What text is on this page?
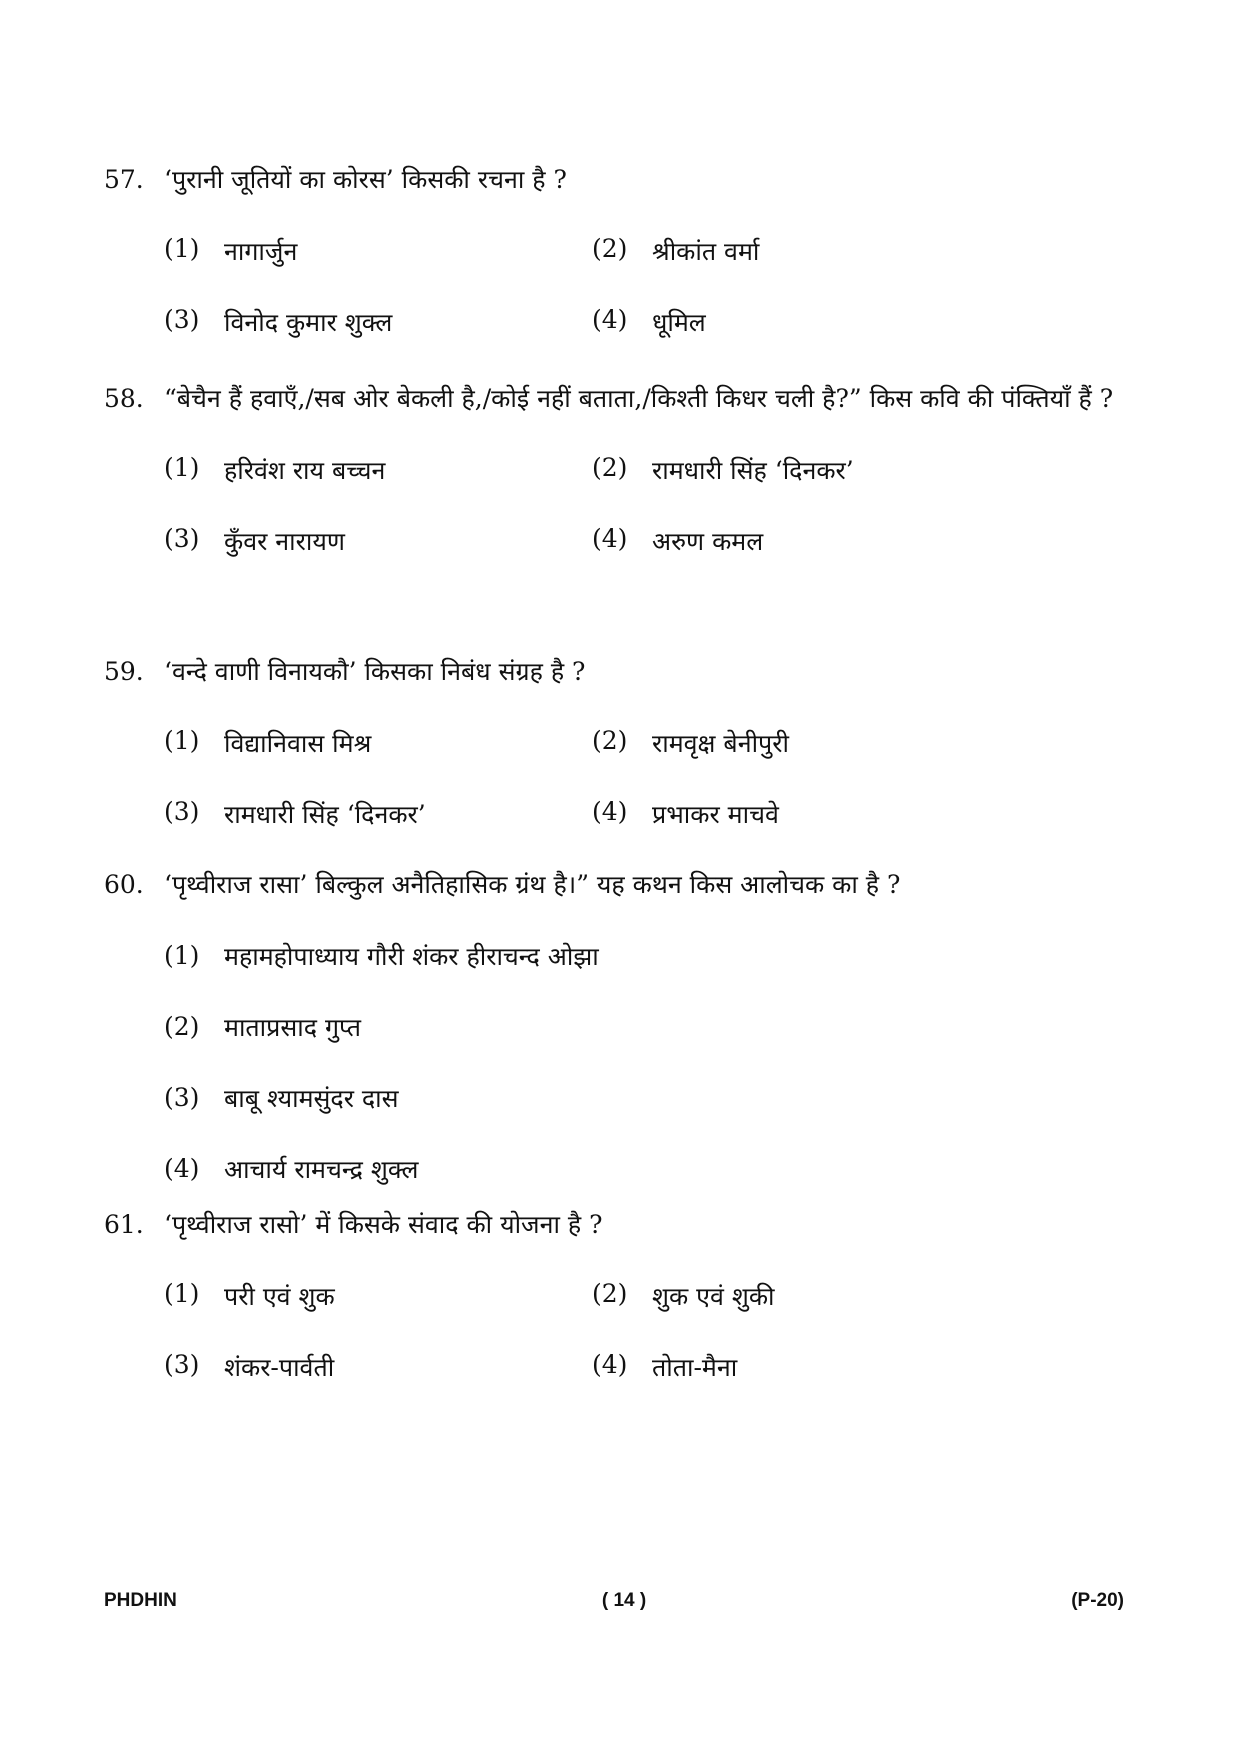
57. ‘पुरानी जूतियों का कोरस’ किसकी रचना है ?
(1) नागार्जुन	(2) श्रीकांत वर्मा
(3) विनोद कुमार शुक्ल	(4) धूमिल
58. “बेचैन हैं हवाएँ,/सब ओर बेकली है,/कोई नहीं बताता,/किश्ती किधर चली है?” किस कवि की पंक्तियाँ हैं ?
(1) हरिवंश राय बच्चन	(2) रामधारी सिंह ‘दिनकर’
(3) कुँवर नारायण	(4) अरुण कमल
59. ‘वन्दे वाणी विनायकौ’ किसका निबंध संग्रह है ?
(1) विद्यानिवास मिश्र	(2) रामवृक्ष बेनीपुरी
(3) रामधारी सिंह ‘दिनकर’	(4) प्रभाकर माचवे
60. ‘पृथ्वीराज रासा’ बिल्कुल अनैतिहासिक ग्रंथ है।” यह कथन किस आलोचक का है ?
(1) महामहोपाध्याय गौरी शंकर हीराचन्द ओझा
(2) माताप्रसाद गुप्त
(3) बाबू श्यामसुंदर दास
(4) आचार्य रामचन्द्र शुक्ल
61. ‘पृथ्वीराज रासो’ में किसके संवाद की योजना है ?
(1) परी एवं शुक	(2) शुक एवं शुकी
(3) शंकर-पार्वती	(4) तोता-मैना
PHDHIN	( 14 )	(P-20)
